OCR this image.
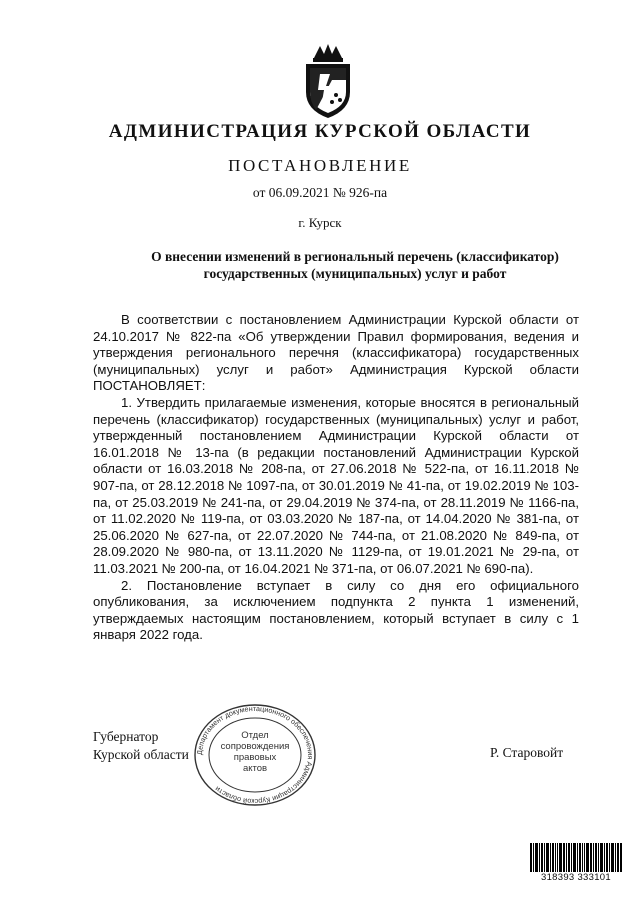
АДМИНИСТРАЦИЯ КУРСКОЙ ОБЛАСТИ
ПОСТАНОВЛЕНИЕ
от 06.09.2021 № 926-па
г. Курск
О внесении изменений в региональный перечень (классификатор)
государственных (муниципальных) услуг и работ

В соответствии с постановлением Администрации Курской области от 24.10.2017 № 822-па «Об утверждении Правил формирования, ведения и утверждения регионального перечня (классификатора) государственных (муниципальных) услуг и работ» Администрация Курской области ПОСТАНОВЛЯЕТ:

1. Утвердить прилагаемые изменения, которые вносятся в региональный перечень (классификатор) государственных (муниципальных) услуг и работ, утвержденный постановлением Администрации Курской области от 16.01.2018 № 13-па (в редакции постановлений Администрации Курской области от 16.03.2018 № 208-па, от 27.06.2018 № 522-па, от 16.11.2018 № 907-па, от 28.12.2018 № 1097-па, от 30.01.2019 № 41-па, от 19.02.2019 № 103-па, от 25.03.2019 № 241-па, от 29.04.2019 № 374-па, от 28.11.2019 № 1166-па, от 11.02.2020 № 119-па, от 03.03.2020 № 187-па, от 14.04.2020 № 381-па, от 25.06.2020 № 627-па, от 22.07.2020 № 744-па, от 21.08.2020 № 849-па, от 28.09.2020 № 980-па, от 13.11.2020 № 1129-па, от 19.01.2021 № 29-па, от 11.03.2021 № 200-па, от 16.04.2021 № 371-па, от 06.07.2021 № 690-па).

2. Постановление вступает в силу со дня его официального опубликования, за исключением подпункта 2 пункта 1 изменений, утверждаемых настоящим постановлением, который вступает в силу с 1 января 2022 года.

Губернатор
Курской области	Р. Старовойт
Департамент документационного обеспечения Администрации Курской области
Отдел
сопровождения
правовых
актов
318393 333101
